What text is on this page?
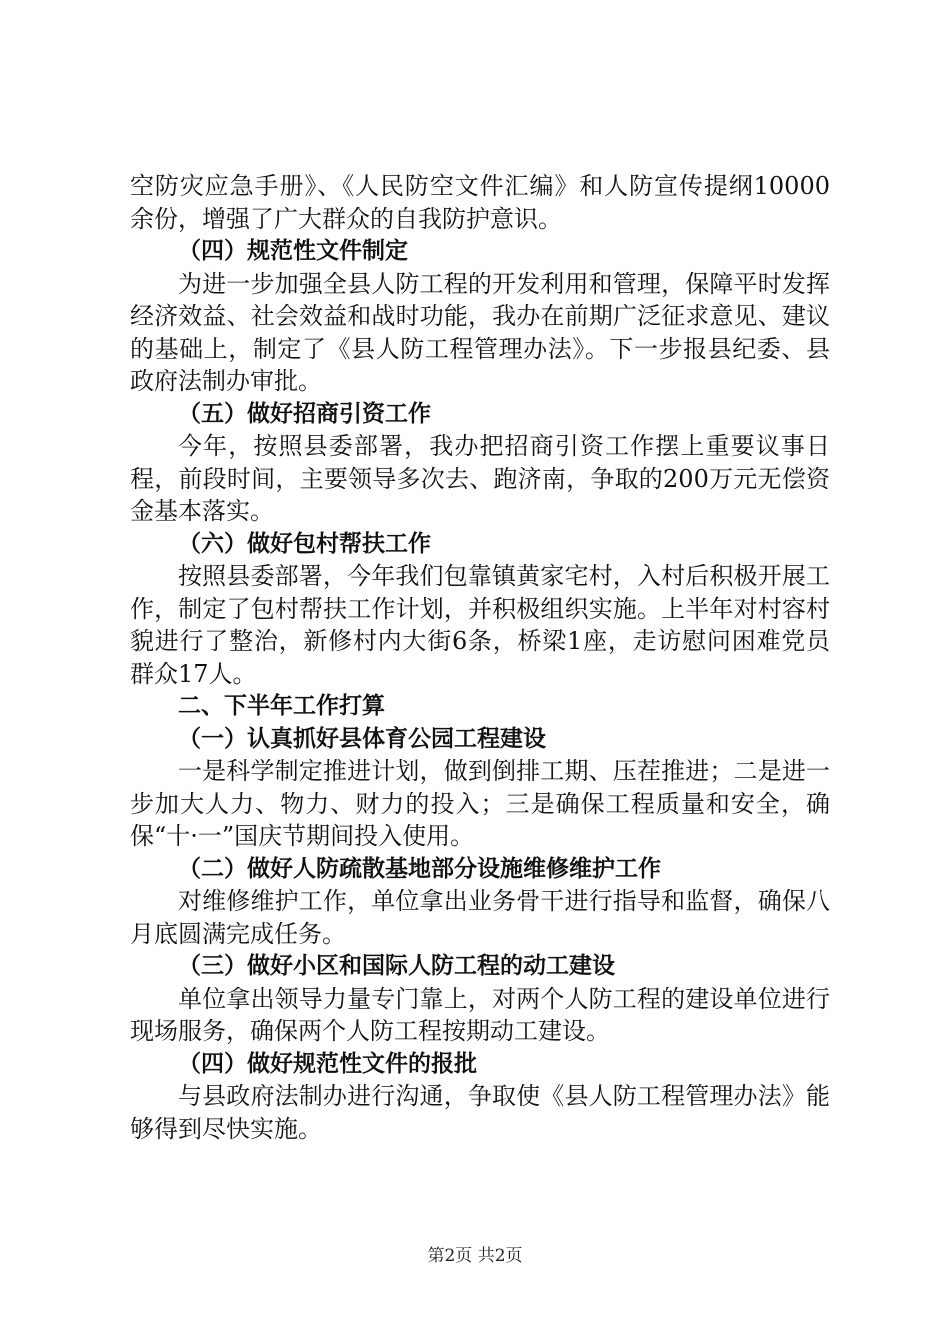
空防灾应急手册》、《人民防空文件汇编》和人防宣传提纲10000余份，增强了广大群众的自我防护意识。

（四）规范性文件制定

为进一步加强全县人防工程的开发利用和管理，保障平时发挥经济效益、社会效益和战时功能，我办在前期广泛征求意见、建议的基础上，制定了《县人防工程管理办法》。下一步报县纪委、县政府法制办审批。

（五）做好招商引资工作

今年，按照县委部署，我办把招商引资工作摆上重要议事日程，前段时间，主要领导多次去、跑济南，争取的200万元无偿资金基本落实。

（六）做好包村帮扶工作

按照县委部署，今年我们包靠镇黄家宅村，入村后积极开展工作，制定了包村帮扶工作计划，并积极组织实施。上半年对村容村貌进行了整治，新修村内大街6条，桥梁1座，走访慰问困难党员群众17人。

二、下半年工作打算

（一）认真抓好县体育公园工程建设

一是科学制定推进计划，做到倒排工期、压茬推进；二是进一步加大人力、物力、财力的投入；三是确保工程质量和安全，确保“十·一”国庆节期间投入使用。

（二）做好人防疏散基地部分设施维修维护工作

对维修维护工作，单位拿出业务骨干进行指导和监督，确保八月底圆满完成任务。

（三）做好小区和国际人防工程的动工建设

单位拿出领导力量专门靠上，对两个人防工程的建设单位进行现场服务，确保两个人防工程按期动工建设。

（四）做好规范性文件的报批

与县政府法制办进行沟通，争取使《县人防工程管理办法》能够得到尽快实施。

第2页 共2页
